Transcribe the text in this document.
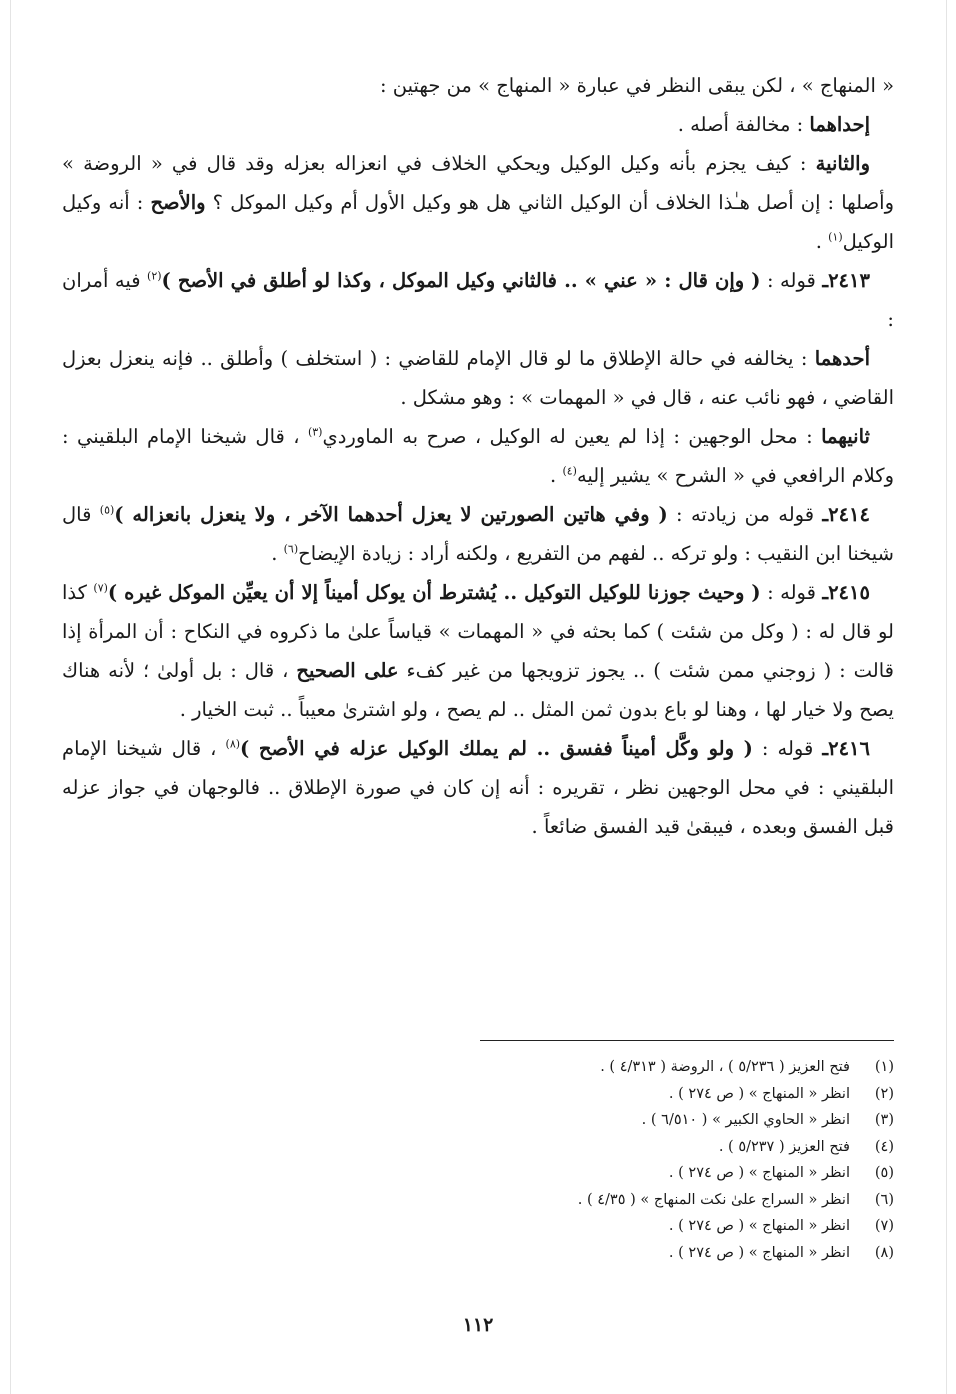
« المنهاج » ، لكن يبقى النظر في عبارة « المنهاج » من جهتين :

إحداهما : مخالفة أصله .

والثانية : كيف يجزم بأنه وكيل الوكيل ويحكي الخلاف في انعزاله بعزله وقد قال في « الروضة » وأصلها : إن أصل هـٰذا الخلاف أن الوكيل الثاني هل هو وكيل الأول أم وكيل الموكل ؟ والأصح : أنه وكيل الوكيل$^{(١)}$ .

٢٤١٣ـ قوله : ( وإن قال : « عني » .. فالثاني وكيل الموكل ، وكذا لو أطلق في الأصح )$^{(٢)}$ فيه أمران :

أحدهما : يخالفه في حالة الإطلاق ما لو قال الإمام للقاضي : ( استخلف ) وأطلق .. فإنه ينعزل بعزل القاضي ، فهو نائب عنه ، قال في « المهمات » : وهو مشكل .

ثانيهما : محل الوجهين : إذا لم يعين له الوكيل ، صرح به الماوردي$^{(٣)}$ ، قال شيخنا الإمام البلقيني : وكلام الرافعي في « الشرح » يشير إليه$^{(٤)}$ .

٢٤١٤ـ قوله من زيادته : ( وفي هاتين الصورتين لا يعزل أحدهما الآخر ، ولا ينعزل بانعزاله )$^{(٥)}$ قال شيخنا ابن النقيب : ولو تركه .. لفهم من التفريع ، ولكنه أراد : زيادة الإيضاح$^{(٦)}$ .

٢٤١٥ـ قوله : ( وحيث جوزنا للوكيل التوكيل .. يُشترط أن يوكل أميناً إلا أن يعيِّن الموكل غيره )$^{(٧)}$ كذا لو قال له : ( وكل من شئت ) كما بحثه في « المهمات » قياساً علىٰ ما ذكروه في النكاح : أن المرأة إذا قالت : ( زوجني ممن شئت ) .. يجوز تزويجها من غير كفء على الصحيح ، قال : بل أولىٰ ؛ لأنه هناك يصح ولا خيار لها ، وهنا لو باع بدون ثمن المثل .. لم يصح ، ولو اشترىٰ معيباً .. ثبت الخيار .

٢٤١٦ـ قوله : ( ولو وكَّل أميناً ففسق .. لم يملك الوكيل عزله في الأصح )$^{(٨)}$ ، قال شيخنا الإمام البلقيني : في محل الوجهين نظر ، تقريره : أنه إن كان في صورة الإطلاق .. فالوجهان في جواز عزله قبل الفسق وبعده ، فيبقىٰ قيد الفسق ضائعاً .

(١)
فتح العزيز ( ٥/٢٣٦ ) ، الروضة ( ٤/٣١٣ ) .
(٢)
انظر « المنهاج » ( ص ٢٧٤ ) .
(٣)
انظر « الحاوي الكبير » ( ٦/٥١٠ ) .
(٤)
فتح العزيز ( ٥/٢٣٧ ) .
(٥)
انظر « المنهاج » ( ص ٢٧٤ ) .
(٦)
انظر « السراج علىٰ نكت المنهاج » ( ٤/٣٥ ) .
(٧)
انظر « المنهاج » ( ص ٢٧٤ ) .
(٨)
انظر « المنهاج » ( ص ٢٧٤ ) .
١١٢
